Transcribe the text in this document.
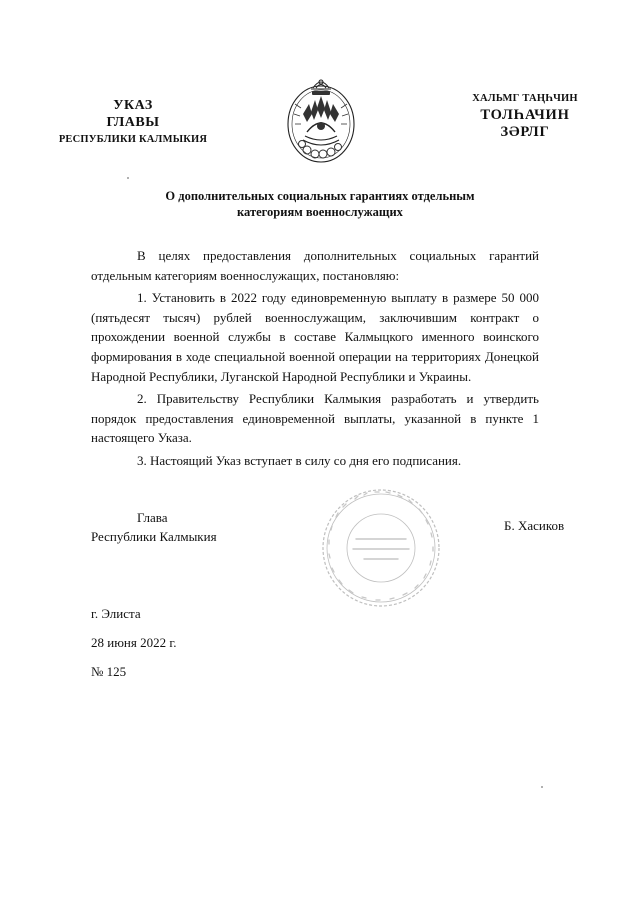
УКАЗ
ГЛАВЫ
РЕСПУБЛИКИ КАЛМЫКИЯ
ХАЛЬМГ ТАҢҺЧИН
ТОЛҺАЧИН
ЗӘРЛГ
О дополнительных социальных гарантиях отдельным
категориям военнослужащих

В целях предоставления дополнительных социальных гарантий отдельным категориям военнослужащих, постановляю:

1. Установить в 2022 году единовременную выплату в размере 50 000 (пятьдесят тысяч) рублей военнослужащим, заключившим контракт о прохождении военной службы в составе Калмыцкого именного воинского формирования в ходе специальной военной операции на территориях Донецкой Народной Республики, Луганской Народной Республики и Украины.

2. Правительству Республики Калмыкия разработать и утвердить порядок предоставления единовременной выплаты, указанной в пункте 1 настоящего Указа.

3. Настоящий Указ вступает в силу со дня его подписания.

Глава
Республики Калмыкия
Б. Хасиков
г. Элиста
28 июня 2022 г.
№ 125
